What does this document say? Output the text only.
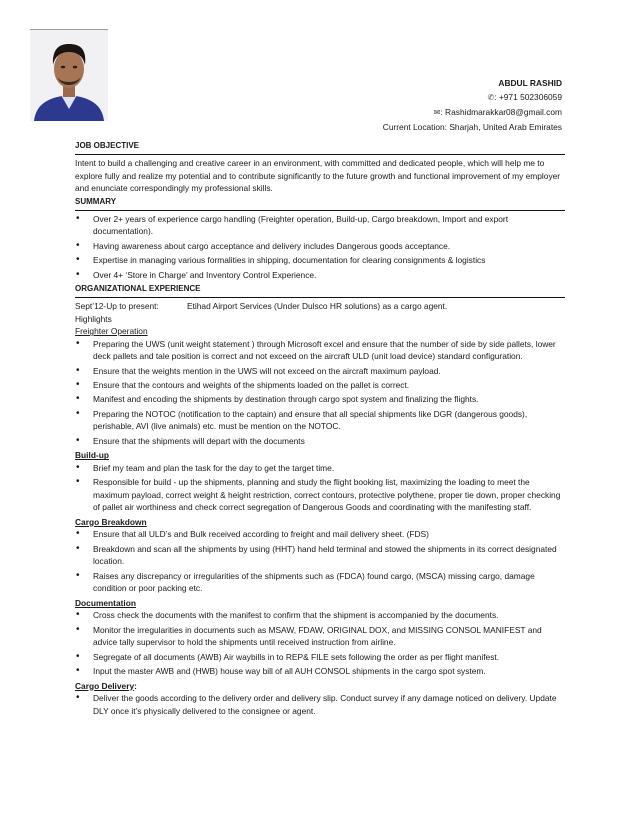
ABDUL RASHID
✆: +971 502306059
✉: Rashidmarakkar08@gmail.com
Current Location: Sharjah, United Arab Emirates
JOB OBJECTIVE
Intent to build a challenging and creative career in an environment, with committed and dedicated people, which will help me to explore fully and realize my potential and to contribute significantly to the future growth and functional improvement of my employer and enunciate correspondingly my professional skills.
SUMMARY
• Over 2+ years of experience cargo handling (Freighter operation, Build-up, Cargo breakdown, Import and export documentation).
• Having awareness about cargo acceptance and delivery includes Dangerous goods acceptance.
• Expertise in managing various formalities in shipping, documentation for clearing consignments & logistics
• Over 4+ ‘Store in Charge’ and Inventory Control Experience.
ORGANIZATIONAL EXPERIENCE
Sept’12-Up to present:	Etihad Airport Services (Under Dulsco HR solutions) as a cargo agent.
Highlights
Freighter Operation
• Preparing the UWS (unit weight statement ) through Microsoft excel and ensure that the number of side by side pallets, lower deck pallets and tale position is correct and not exceed on the aircraft ULD (unit load device) standard configuration.
• Ensure that the weights mention in the UWS will not exceed on the aircraft maximum payload.
• Ensure that the contours and weights of the shipments loaded on the pallet is correct.
• Manifest and encoding the shipments by destination through cargo spot system and finalizing the flights.
• Preparing the NOTOC (notification to the captain) and ensure that all special shipments like DGR (dangerous goods), perishable, AVI (live animals) etc. must be mention on the NOTOC.
• Ensure that the shipments will depart with the documents
Build-up
• Brief my team and plan the task for the day to get the target time.
• Responsible for build - up the shipments, planning and study the flight booking list, maximizing the loading to meet the maximum payload, correct weight & height restriction, correct contours, protective polythene, proper tie down, proper checking of pallet air worthiness and check correct segregation of Dangerous Goods and coordinating with the manifesting staff.
Cargo Breakdown
• Ensure that all ULD’s and Bulk received according to freight and mail delivery sheet. (FDS)
• Breakdown and scan all the shipments by using (HHT) hand held terminal and stowed the shipments in its correct designated location.
• Raises any discrepancy or irregularities of the shipments such as (FDCA) found cargo, (MSCA) missing cargo, damage condition or poor packing etc.
Documentation
• Cross check the documents with the manifest to confirm that the shipment is accompanied by the documents.
• Monitor the irregularities in documents such as MSAW, FDAW, ORIGINAL DOX, and MISSING CONSOL MANIFEST and advice tally supervisor to hold the shipments until received instruction from airline.
• Segregate of all documents (AWB) Air waybills in to REP& FILE sets following the order as per flight manifest.
• Input the master AWB and (HWB) house way bill of all AUH CONSOL shipments in the cargo spot system.
Cargo Delivery:
• Deliver the goods according to the delivery order and delivery slip. Conduct survey if any damage noticed on delivery. Update DLY once it’s physically delivered to the consignee or agent.
